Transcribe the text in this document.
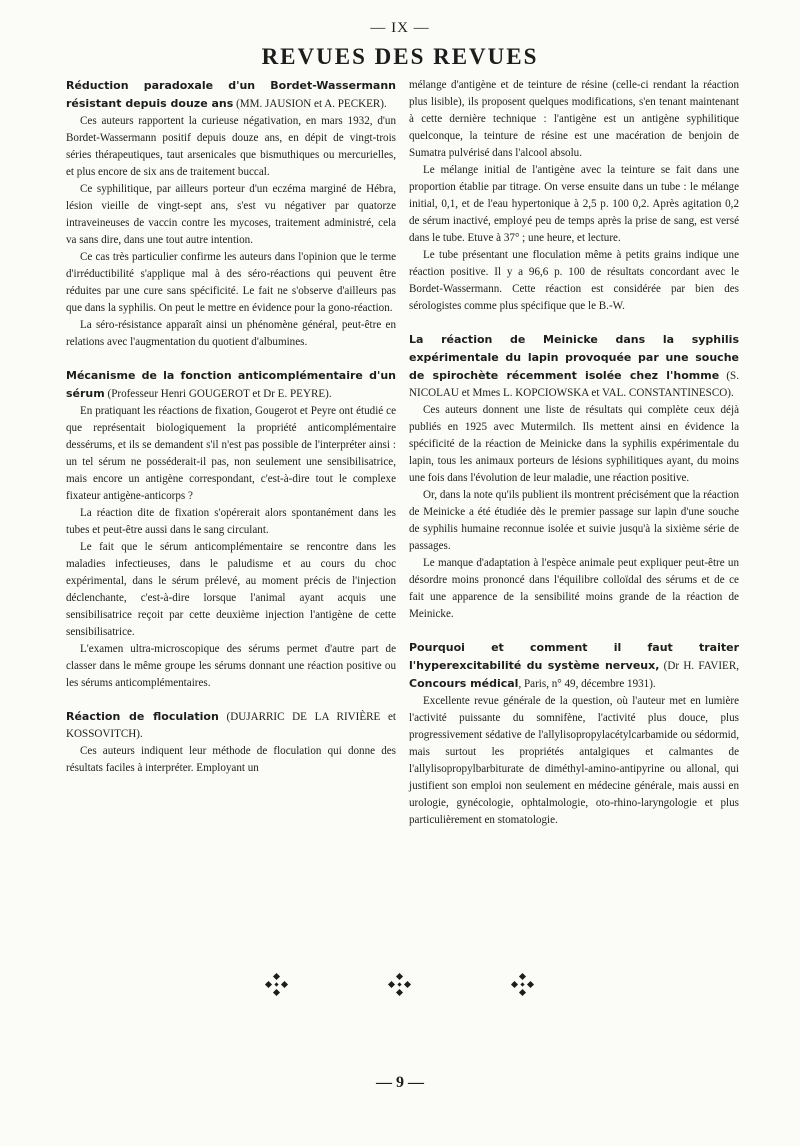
— IX —
REVUES DES REVUES

Réduction paradoxale d'un Bordet-Wassermann résistant depuis douze ans (MM. JAUSION et A. PECKER).

Ces auteurs rapportent la curieuse négativation, en mars 1932, d'un Bordet-Wassermann positif depuis douze ans, en dépit de vingt-trois séries thérapeutiques, taut arsenicales que bismuthiques ou mercurielles, et plus encore de six ans de traitement buccal.

Ce syphilitique, par ailleurs porteur d'un eczéma marginé de Hébra, lésion vieille de vingt-sept ans, s'est vu négativer par quatorze intraveineuses de vaccin contre les mycoses, traitement administré, cela va sans dire, dans une tout autre intention.

Ce cas très particulier confirme les auteurs dans l'opinion que le terme d'irréductibilité s'applique mal à des séro-réactions qui peuvent être réduites par une cure sans spécificité. Le fait ne s'observe d'ailleurs pas que dans la syphilis. On peut le mettre en évidence pour la gono-réaction.

La séro-résistance apparaît ainsi un phénomène général, peut-être en relations avec l'augmentation du quotient d'albumines.

Mécanisme de la fonction anticomplémentaire d'un sérum (Professeur Henri GOUGEROT et Dr E. PEYRE).

En pratiquant les réactions de fixation, Gougerot et Peyre ont étudié ce que représentait biologiquement la propriété anticomplémentaire dessérums, et ils se demandent s'il n'est pas possible de l'interpréter ainsi : un tel sérum ne posséderait-il pas, non seulement une sensibilisatrice, mais encore un antigène correspondant, c'est-à-dire tout le complexe fixateur antigène-anticorps ?

La réaction dite de fixation s'opérerait alors spontanément dans les tubes et peut-être aussi dans le sang circulant.

Le fait que le sérum anticomplémentaire se rencontre dans les maladies infectieuses, dans le paludisme et au cours du choc expérimental, dans le sérum prélevé, au moment précis de l'injection déclenchante, c'est-à-dire lorsque l'animal ayant acquis une sensibilisatrice reçoit par cette deuxième injection l'antigène de cette sensibilisatrice.

L'examen ultra-microscopique des sérums permet d'autre part de classer dans le même groupe les sérums donnant une réaction positive ou les sérums anticomplémentaires.

Réaction de floculation (DUJARRIC DE LA RIVIÈRE et KOSSOVITCH).

Ces auteurs indiquent leur méthode de floculation qui donne des résultats faciles à interpréter. Employant un

mélange d'antigène et de teinture de résine (celle-ci rendant la réaction plus lisible), ils proposent quelques modifications, s'en tenant maintenant à cette dernière technique : l'antigène est un antigène syphilitique quelconque, la teinture de résine est une macération de benjoin de Sumatra pulvérisé dans l'alcool absolu.

Le mélange initial de l'antigène avec la teinture se fait dans une proportion établie par titrage. On verse ensuite dans un tube : le mélange initial, 0,1, et de l'eau hypertonique à 2,5 p. 100 0,2. Après agitation 0,2 de sérum inactivé, employé peu de temps après la prise de sang, est versé dans le tube. Etuve à 37° ; une heure, et lecture.

Le tube présentant une floculation même à petits grains indique une réaction positive. Il y a 96,6 p. 100 de résultats concordant avec le Bordet-Wassermann. Cette réaction est considérée par bien des sérologistes comme plus spécifique que le B.-W.

La réaction de Meinicke dans la syphilis expérimentale du lapin provoquée par une souche de spirochète récemment isolée chez l'homme (S. NICOLAU et Mmes L. KOPCIOWSKA et VAL. CONSTANTINESCO).

Ces auteurs donnent une liste de résultats qui complète ceux déjà publiés en 1925 avec Mutermilch. Ils mettent ainsi en évidence la spécificité de la réaction de Meinicke dans la syphilis expérimentale du lapin, tous les animaux porteurs de lésions syphilitiques ayant, du moins une fois dans l'évolution de leur maladie, une réaction positive.

Or, dans la note qu'ils publient ils montrent précisément que la réaction de Meinicke a été étudiée dès le premier passage sur lapin d'une souche de syphilis humaine reconnue isolée et suivie jusqu'à la sixième série de passages.

Le manque d'adaptation à l'espèce animale peut expliquer peut-être un désordre moins prononcé dans l'équilibre colloïdal des sérums et de ce fait une apparence de la sensibilité moins grande de la réaction de Meinicke.

Pourquoi et comment il faut traiter l'hyperexcitabilité du système nerveux, (Dr H. FAVIER, Concours médical, Paris, n° 49, décembre 1931).

Excellente revue générale de la question, où l'auteur met en lumière l'activité puissante du somnifène, l'activité plus douce, plus progressivement sédative de l'allylisopropylacétylcarbamide ou sédormid, mais surtout les propriétés antalgiques et calmantes de l'allylisopropylbarbiturate de diméthyl-amino-antipyrine ou allonal, qui justifient son emploi non seulement en médecine générale, mais aussi en urologie, gynécologie, ophtalmologie, oto-rhino-laryngologie et plus particulièrement en stomatologie.

— 9 —
